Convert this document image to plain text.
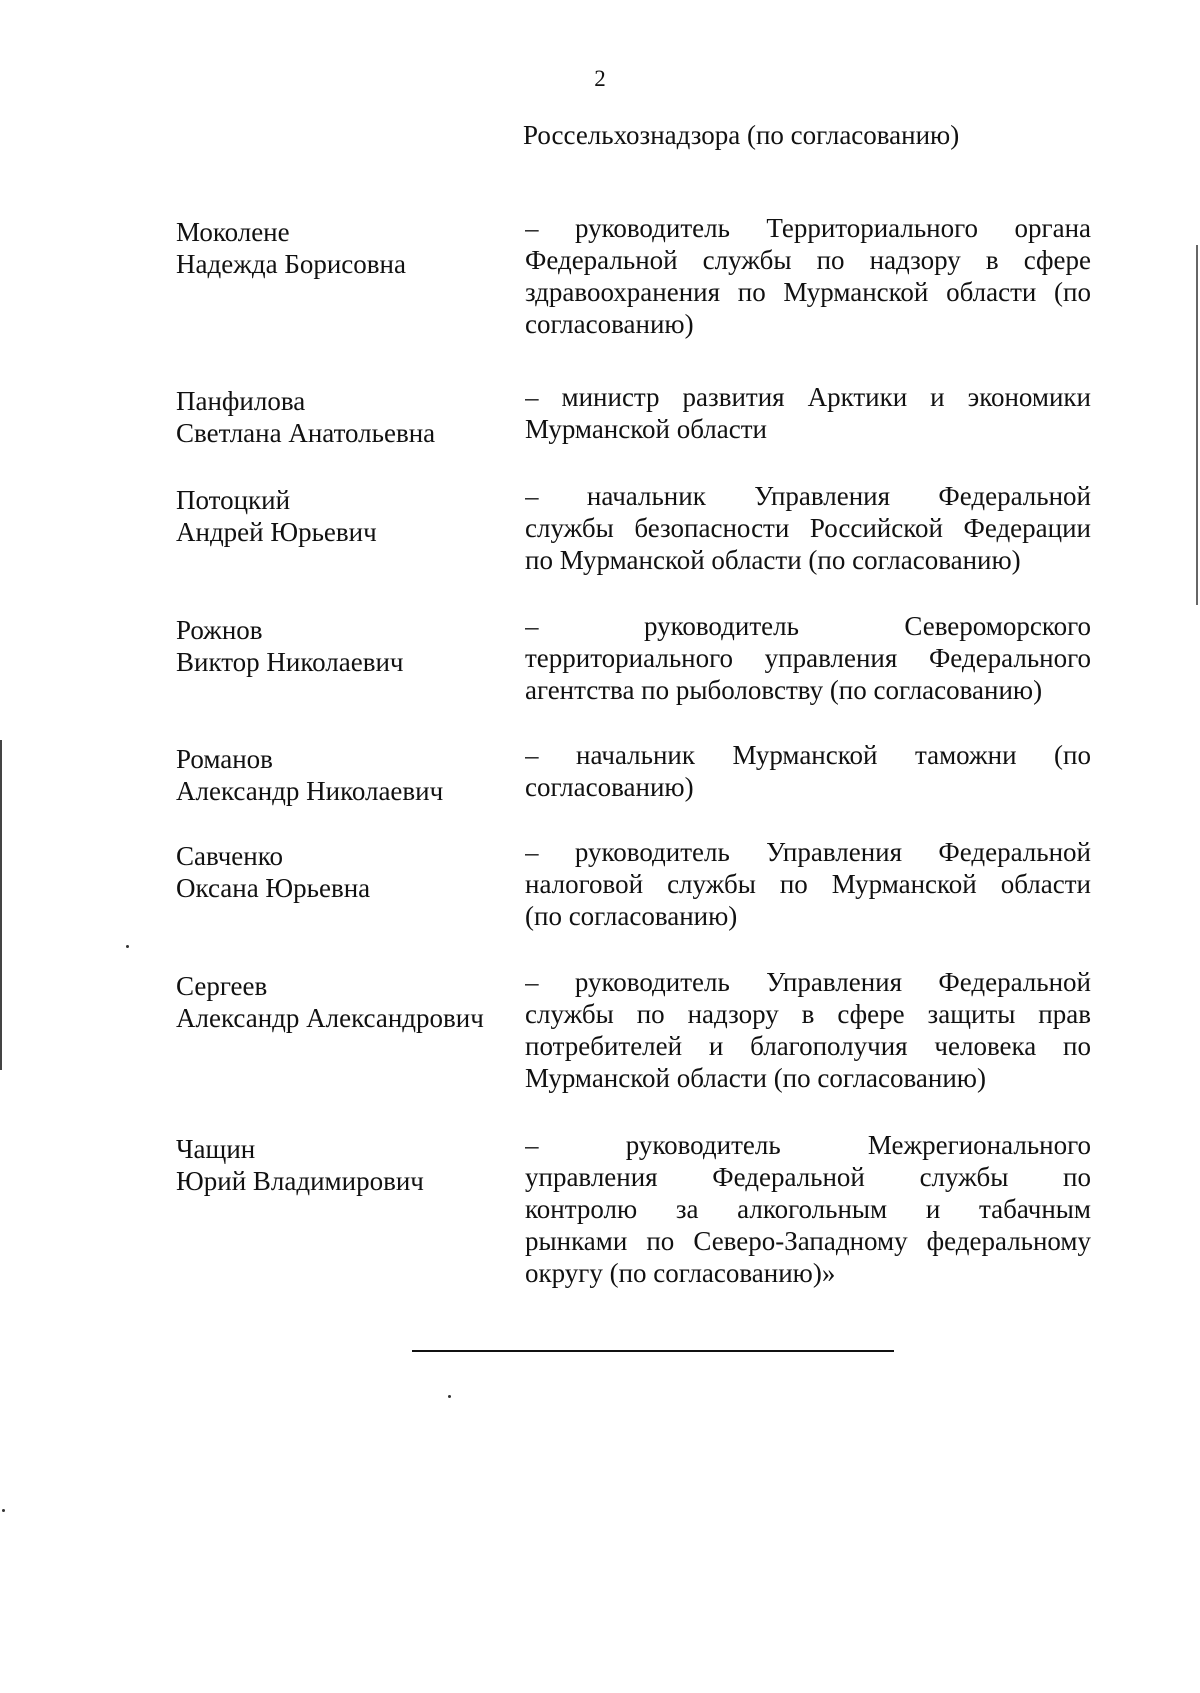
2
Россельхознадзора (по согласованию)
Моколене
Надежда Борисовна
– руководитель Территориального органа
Федеральной службы по надзору в сфере
здравоохранения по Мурманской области (по
согласованию)
Панфилова
Светлана Анатольевна
– министр развития Арктики и экономики
Мурманской области
Потоцкий
Андрей Юрьевич
– начальник Управления Федеральной
службы безопасности Российской Федерации
по Мурманской области (по согласованию)
Рожнов
Виктор Николаевич
– руководитель Североморского
территориального управления Федерального
агентства по рыболовству (по согласованию)
Романов
Александр Николаевич
– начальник Мурманской таможни (по
согласованию)
Савченко
Оксана Юрьевна
– руководитель Управления Федеральной
налоговой службы по Мурманской области
(по согласованию)
Сергеев
Александр Александрович
– руководитель Управления Федеральной
службы по надзору в сфере защиты прав
потребителей и благополучия человека по
Мурманской области (по согласованию)
Чащин
Юрий Владимирович
– руководитель Межрегионального
управления Федеральной службы по
контролю за алкогольным и табачным
рынками по Северо-Западному федеральному
округу (по согласованию)»
